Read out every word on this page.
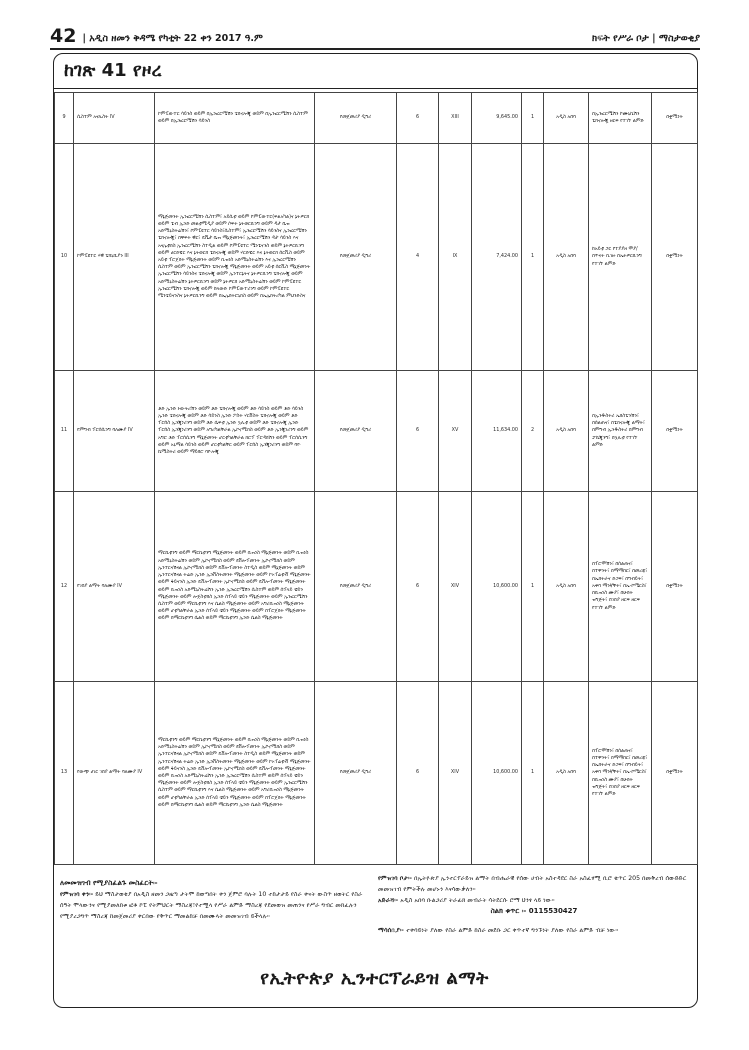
42 | አዲስ ዘመን ቅዳሜ የካቲት 22 ቀን 2017 ዓ.ም	ክፍት የሥራ ቦታ | ማስታወቂያ
ከገጽ 41 የዞረ
9	ሲስተም አናሊስት IV	ኮምፒውተር ሳይንስ ወይም በኢንፎርሜሽን ቴክኖሎጂ ወይም በኢንፎርሜሽን ሲስተም ወይም በኢንፎርሜሽን ሳይንስ	የመጀመሪያ ዲግሪ	6	XIII	9,645.00	1	አዲስ አበባ	በኢንፎርሜሽን ኮሙኒኬሽን ቴክኖሎጂ ዘርፍ የተገኘ ልምድ	በቋሚነት
10	ኮምፒዩተር ሃዊ ቴክኒሺያን III	ማኔጅመንት ኢንፎርሜሽን ሲስተም፣ አይሲቲ ወይም ኮምፒውተር(ፍልአካል)ና ኔትዎርክ ወይም ቴብ ኢንድ መልቲሚዲያ ወይም ሶፍት ኔትወርኪንግ ወይም ዳታ ቤዝ አድሚኒስትሬሽን፣ ኮምፒዩተር ሳይንስ፣ሲስተም፣ ኢንፎርሜሽን ሳይንስና ኢንፎርሜሽን ቴክኖሎጂ፣ በዋፍት ዊር፣ ዴቬታ ቤዝ ማኔጅመንት፣ ኢንፎርሜሽን ዳታ ሳይንስ እና አናሌቲክስ ኢንፎርሜሽን ስተዲል ወይም ኮምፒዩተር ሜንቴናንስ ወይም ኔትዎርኪንግ ወይም ሀርድዌር እና ኔትወርክ ቴክኖሎጂ ወይም ሃርድዌር እና ኔትወርክ ሰርቪስ ወይም አይቲ ፕሮጀክት ማኔጅመንት ወይም ቢዝነስ አድሚኒስትሬሽን እና ኢንፎርሜሽን ሲስተም ወይም ኢንፎርሜሽን ቴክኖሎጂ ማኔጅመንት ወይም አይቲ ሰርቪስ ማኔጅመንት ኢንፎርሜሽን ሳይንስና ቴክኖሎጂ ወይም ኢንተርኔትና ኔትዎርኪንግ ቴክኖሎጂ ወይም አድሚኒስትሬሽን ኔትዎርኪንግ ወይም ኔትዎርክ አድሚኒስትሬሽን ወይም ኮምፒዩተር ኢንፎርሜሽን ቴክኖሎጂ ወይም ከላውድ ኮምፒውተሪንግ ወይም ኮምፒዩተር ሜንቴይናንስና ኔትዎርኪንግ ወይም በኤሌክትሮኒክስ ወይም በኤሌክትሪካል ምህንድስና	የመጀመሪያ ዲግሪ	4	IX	7,424.00	1	አዲስ አበባ	ከአይቲ ጋር የተያያዘ ሞያ/በጥናት ቢገዙ በኤትዎርኪንግ የተገኘ ልምድ	በቋሚነት
11	የምግብ ፕሮሰሲንግ ባለሙያ IV	ቶድ ኢንድ ኑውትሪሽን ወይም ቶድ ቴክኖሎጂ ወይም ቶድ ሳይንስ ወይም ቶድ ሳይንስ ኢንድ ቴክኖሎጂ ወይም ቶድ ሳይንስ ኢንድ ፖስት ሃርቨስት ቴክኖሎጂ ወይም ቶድ ፕሮሰስ ኢንጂነሪንግ ወይም ቶድ ሴፍቲ ኢንድ ኳሊቲ ወይም ቶድ ቴክኖሎጂ ኢንድ ፕሮሰስ ኢንጂነሪንግ ወይም አግሪካልቸራል ኢኮኖሚክስ ወይም ቶድ ኢንጂነሪንግ ወይም አግሮ ቶድ ፕሮሰሲንግ ማኔጅመንት ሆርቲካልቸራል ክሮፕ ፕሮዳክሽን ወይም ፕሮሰሲንግ ወይም አኒማል ሳይንስ ወይም ሆርቲካልቸር ወይም ፕሮሰስ ኢንጂነሪንግ ወይም ባዮ ኬሚስትሪ ወይም ማይክሮ ባዮሎጂ	የመጀመሪያ ዲግሪ	6	XV	11,634.00	2	አዲስ አበባ	በኢንዱስትሪ ኤክስቴንሽን፣ በሰልጠና፣ በቴክኖሎጂ ልማት፣ በምግብ ኢንዱስትሪ በምግብ ፓኬጂንግ፣ በኳሊቲ የተገኘ ልምድ	በቋሚነት
12	የገበያ ልማት ባለሙያ IV	ማርኬቲንግ ወይም ማርኬቲንግ ማኔጅመንት ወይም ቢዝነስ ማኔጅመንት ወይም ቢዝነስ አድሚኒስትሬሽን ወይም ኢኮኖሚክስ ወይም ደቨሎፕመንት ኢኮኖሚክስ ወይም ኢንተርናሽናል ኢኮኖሚክስ ወይም ዴቨሎፕመንት ስተዲስ ወይም ማኔጅመንት ወይም ኢንተርናሽናል ትሬድ ኢንድ ኢንቨስትመንት ማኔጅመንት ወይም ኮኦፐሬቲቭ ማኔጅመንት ወይም ፋይናንስ ኢንድ ዴቨሎፕመንት ኢኮኖሚክስ ወይም ዴቨሎፕመንት ማኔጅመንት ወይም ቢዝነስ አድሚኒስትሬሽን ኢንድ ኢንፎርሜሽን ሲስተም ወይም ሰፕላይ ቼይን ማኔጅመንት ወይም ሎጀስቲክስ ኢንድ ሰፕላይ ቼይን ማኔጅመንት ወይም ኢንፎርሜሽን ሲስተም ወይም ማርኬቲንግ እና ሴልስ ማኔጅመንት ወይም አግሪቢዝነስ ማኔጅመንት ወይም ሆቲካልቸራል ኢንድ ሰፕላይ ቼይን ማኔጅመንት ወይም በፕሮጀክት ማኔጅመንት ወይም በማርኬቲንግ ሴልስ ወይም ማርኬቲንግ ኢንድ ሴልስ ማኔጅመንት	የመጀመሪያ ዲግሪ	6	XIV	10,600.00	1	አዲስ አበባ	በፕሮሞሽን፣ በሰልጠና፣ በተዋንት፣ በማማከር፣ በመረጃ፣ በኤክትራና ድጋፍ፣ በግብይት፣ አቀባ ማንኛቸት፣ በኤ-ኮሜርስ፣ በቢዝነስ ሙያ፣ በሁክት ዝግጅት፣ በገበያ ዘርፍ ዘርፍ የተገኘ ልምድ	በቋሚነት
13	የውጭ ሀገር ገበያ ልማት ባለሙያ IV	ማርኬቲንግ ወይም ማርኬቲንግ ማኔጅመንት ወይም ቢዝነስ ማኔጅመንት ወይም ቢዝነስ አድሚኒስትሬሽን ወይም ኢኮኖሚክስ ወይም ደቨሎፕመንት ኢኮኖሚክስ ወይም ኢንተርናሽናል ኢኮኖሚክስ ወይም ዴቨሎፕመንት ስተዲስ ወይም ማኔጅመንት ወይም ኢንተርናሽናል ትሬድ ኢንድ ኢንቨስትመንት ማኔጅመንት ወይም ኮኦፐሬቲቭ ማኔጅመንት ወይም ፋይናንስ ኢንድ ዴቨሎፕመንት ኢኮኖሚክስ ወይም ዴቨሎፕመንት ማኔጅመንት ወይም ቢዝነስ አድሚኒስትሬሽን ኢንድ ኢንፎርሜሽን ሲስተም ወይም ሰፕላይ ቼይን ማኔጅመንት ወይም ሎጀስቲክስ ኢንድ ሰፕላይ ቼይን ማኔጅመንት ወይም ኢንፎርሜሽን ሲስተም ወይም ማርኬቲንግ እና ሴልስ ማኔጅመንት ወይም አግሪቢዝነስ ማኔጅመንት ወይም ሆቲካልቸራል ኢንድ ሰፕላይ ቼይን ማኔጅመንት ወይም በፕሮጀክት ማኔጅመንት ወይም በማርኬቲንግ ሴልስ ወይም ማርኬቲንግ ኢንድ ሴልስ ማኔጅመንት	የመጀመሪያ ዲግሪ	6	XIV	10,600.00	1	አዲስ አበባ	በፕሮሞሽን፣ በሰልጠና፣ በተዋንት፣ በማማከር፣ በመረጃ፣ በኤክትራና ድጋፍ፣ በግብይት፣ አቀባ ማንኛቸት፣ በኤ-ኮሜርስ፣ በቢዝነስ ሙያ፣ በሁክት ዝግጅት፣ በገበያ ዘርፍ ዘርፍ የተገኘ ልምድ	በቋሚነት
ለመመዝገብ የሚያስፈልጉ መስፈርት፡-
የምዝገባ ቀን፡- ይህ ማስታወቂያ በአዲስ ዘመን ጋዜጣ ታትሞ ከወጣበት ቀን ጀምሮ ባሉት 10 ተከታታይ የስራ ቀናት ውስጥ ዘወትር የስራ ሰዓት ሞላውንና የሚያመለክቱ ፎቶ ኮፒ የትምህርት ማስረጃ፣የተሟላ የሥራ ልምድ ማስረጃ የደመወዝ መጠንና የሥራ ግብር መክፈሉን የሚያረጋግጥ ማስረጃ ከመጀመሪያ ቀርበው የቅጥር ማመልከቻ በመሙላት መመዝገብ ይችላሉ፡፡
የምዝገባ ቦታ፡- በኢትዮጵያ ኢንተርፕራይዝ ልማት በብሔራዊ የሰው ሀብት አስተዳደር ስራ አስፈፃሚ ቢሮ ቁጥር 205 በመቅረብ ሰውድድር መመዝገብ የምትችሉ መሆኑን እናሳውቃለን፡፡
አድራሻ፡- አዲስ አበባ ቡልጋሪያ ትራፊክ መብራት ሳትደርሱ ሮማ ህንፃ ላይ ነው፡፡
ስልክ ቁጥር ፡- 0115530427
ማሳሰቢያ፡- ተቀባይነት ያለው የስራ ልምድ ከስራ መደቡ ጋር ቀጥተኛ ግንኙነት ያለው የስራ ልምድ ብቻ ነው፡፡
የኢትዮጵያ ኢንተርፕራይዝ ልማት
